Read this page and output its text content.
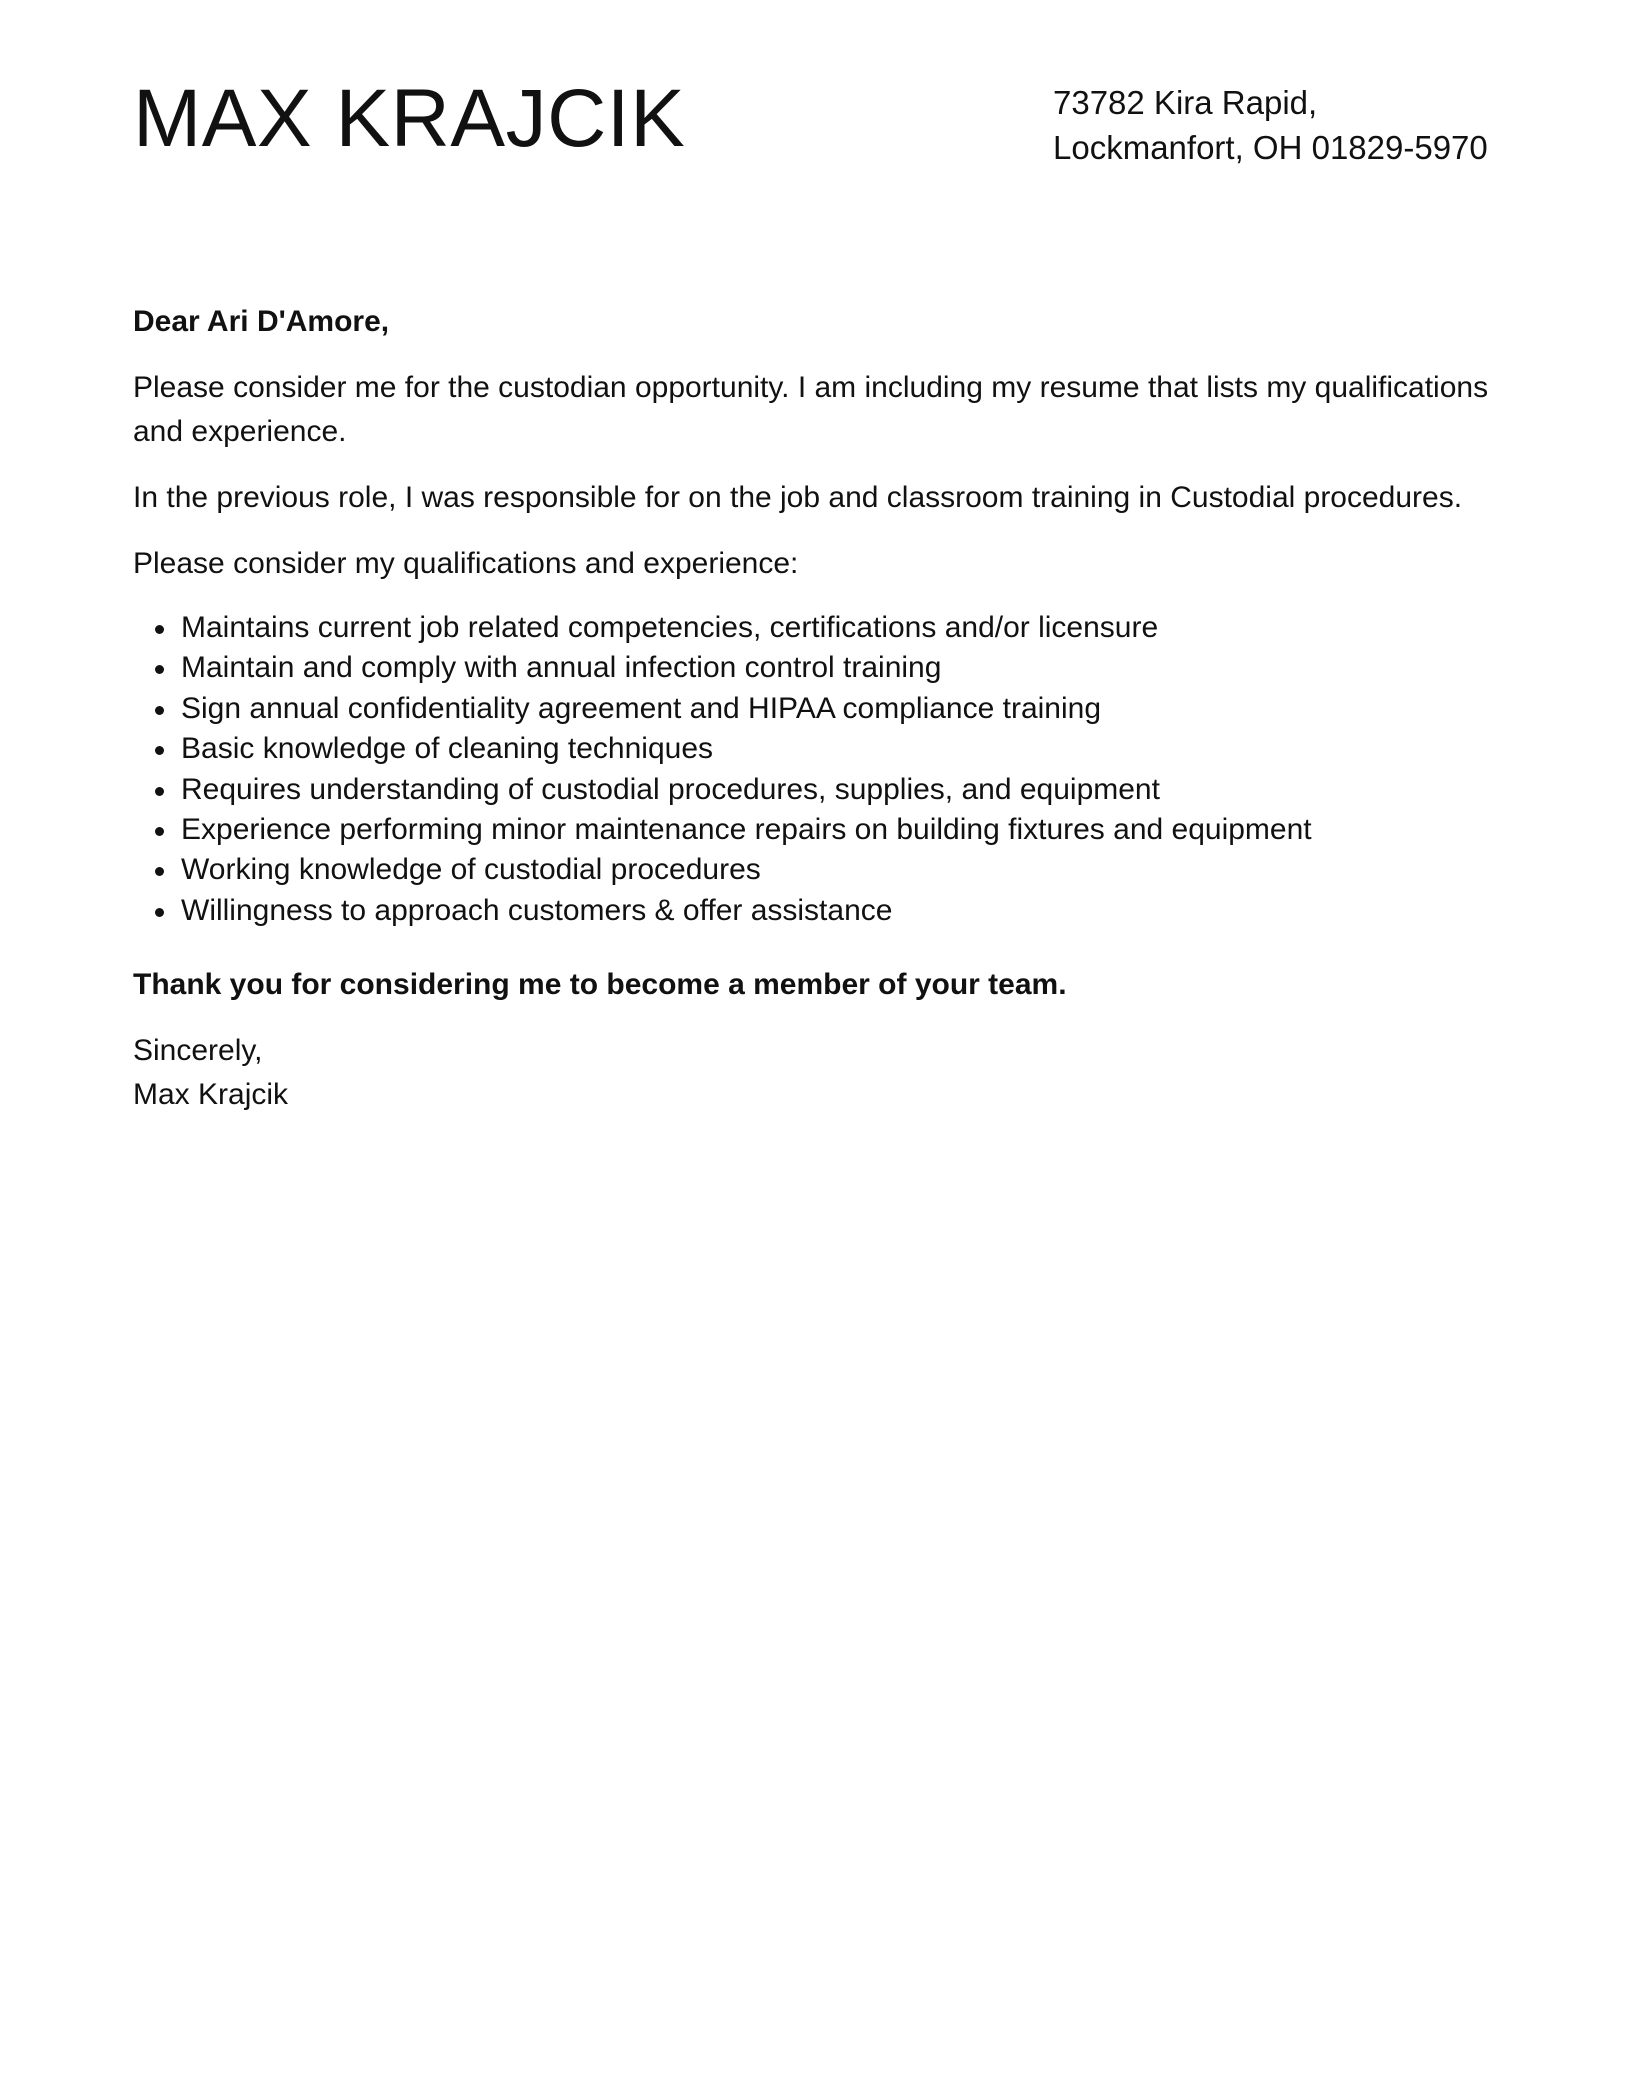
MAX KRAJCIK	73782 Kira Rapid,
Lockmanfort, OH 01829-5970

Dear Ari D'Amore,

Please consider me for the custodian opportunity. I am including my resume that lists my qualifications and experience.

In the previous role, I was responsible for on the job and classroom training in Custodial procedures.

Please consider my qualifications and experience:

Maintains current job related competencies, certifications and/or licensure
Maintain and comply with annual infection control training
Sign annual confidentiality agreement and HIPAA compliance training
Basic knowledge of cleaning techniques
Requires understanding of custodial procedures, supplies, and equipment
Experience performing minor maintenance repairs on building fixtures and equipment
Working knowledge of custodial procedures
Willingness to approach customers & offer assistance

Thank you for considering me to become a member of your team.

Sincerely,
Max Krajcik
